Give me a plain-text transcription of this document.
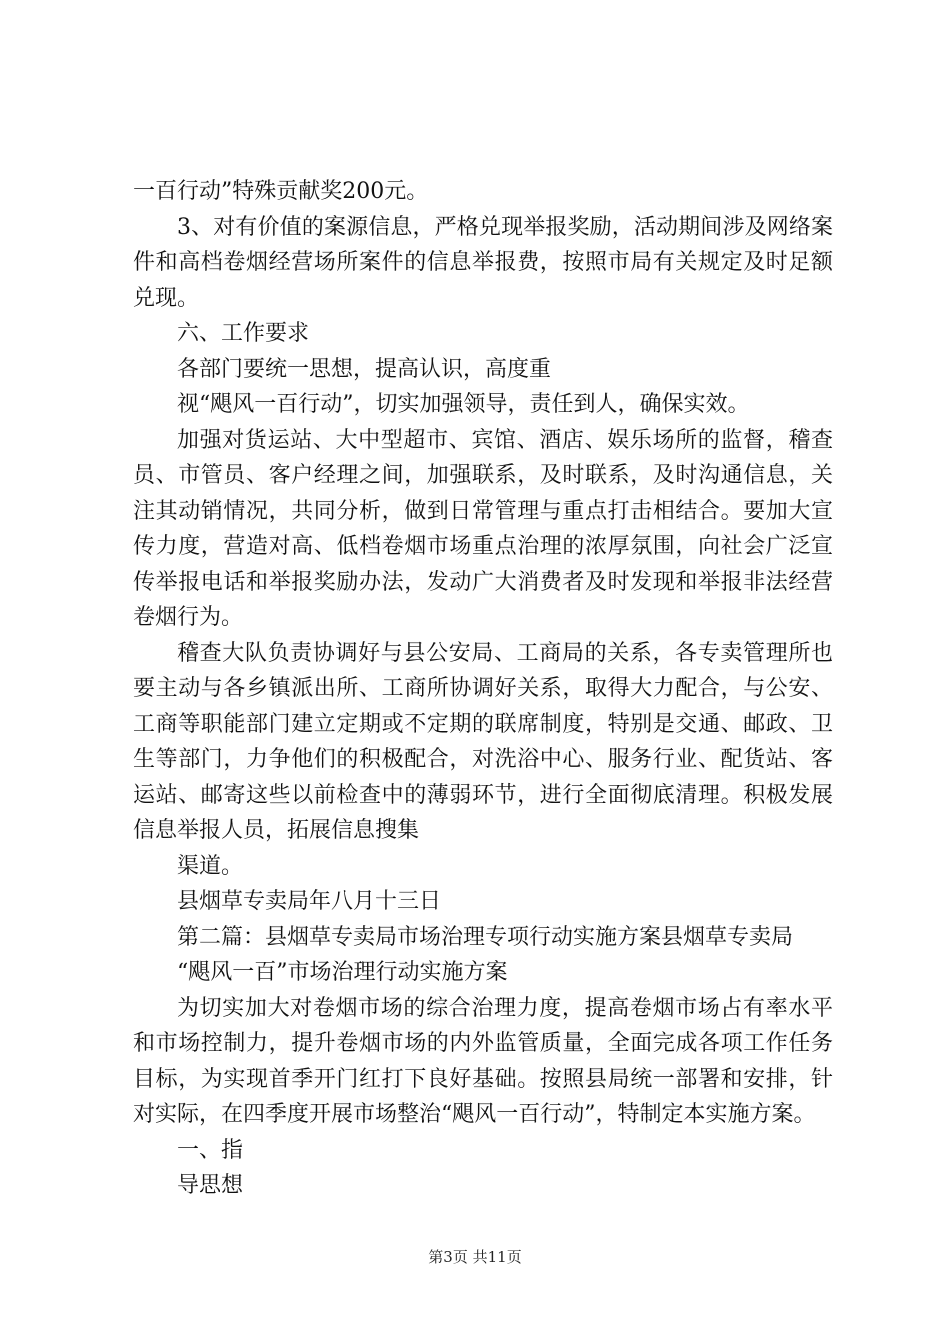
一百行动”特殊贡献奖200元。

3、对有价值的案源信息，严格兑现举报奖励，活动期间涉及网络案件和高档卷烟经营场所案件的信息举报费，按照市局有关规定及时足额兑现。

六、工作要求

各部门要统一思想，提高认识，高度重

视“飓风一百行动”，切实加强领导，责任到人，确保实效。

加强对货运站、大中型超市、宾馆、酒店、娱乐场所的监督，稽查员、市管员、客户经理之间，加强联系，及时联系，及时沟通信息，关注其动销情况，共同分析，做到日常管理与重点打击相结合。要加大宣传力度，营造对高、低档卷烟市场重点治理的浓厚氛围，向社会广泛宣传举报电话和举报奖励办法，发动广大消费者及时发现和举报非法经营卷烟行为。

稽查大队负责协调好与县公安局、工商局的关系，各专卖管理所也要主动与各乡镇派出所、工商所协调好关系，取得大力配合，与公安、工商等职能部门建立定期或不定期的联席制度，特别是交通、邮政、卫生等部门，力争他们的积极配合，对洗浴中心、服务行业、配货站、客运站、邮寄这些以前检查中的薄弱环节，进行全面彻底清理。积极发展信息举报人员，拓展信息搜集

渠道。

县烟草专卖局年八月十三日

第二篇：县烟草专卖局市场治理专项行动实施方案县烟草专卖局

“飓风一百”市场治理行动实施方案

为切实加大对卷烟市场的综合治理力度，提高卷烟市场占有率水平和市场控制力，提升卷烟市场的内外监管质量，全面完成各项工作任务目标，为实现首季开门红打下良好基础。按照县局统一部署和安排，针对实际，在四季度开展市场整治“飓风一百行动”，特制定本实施方案。

一、指

导思想

第3页 共11页
